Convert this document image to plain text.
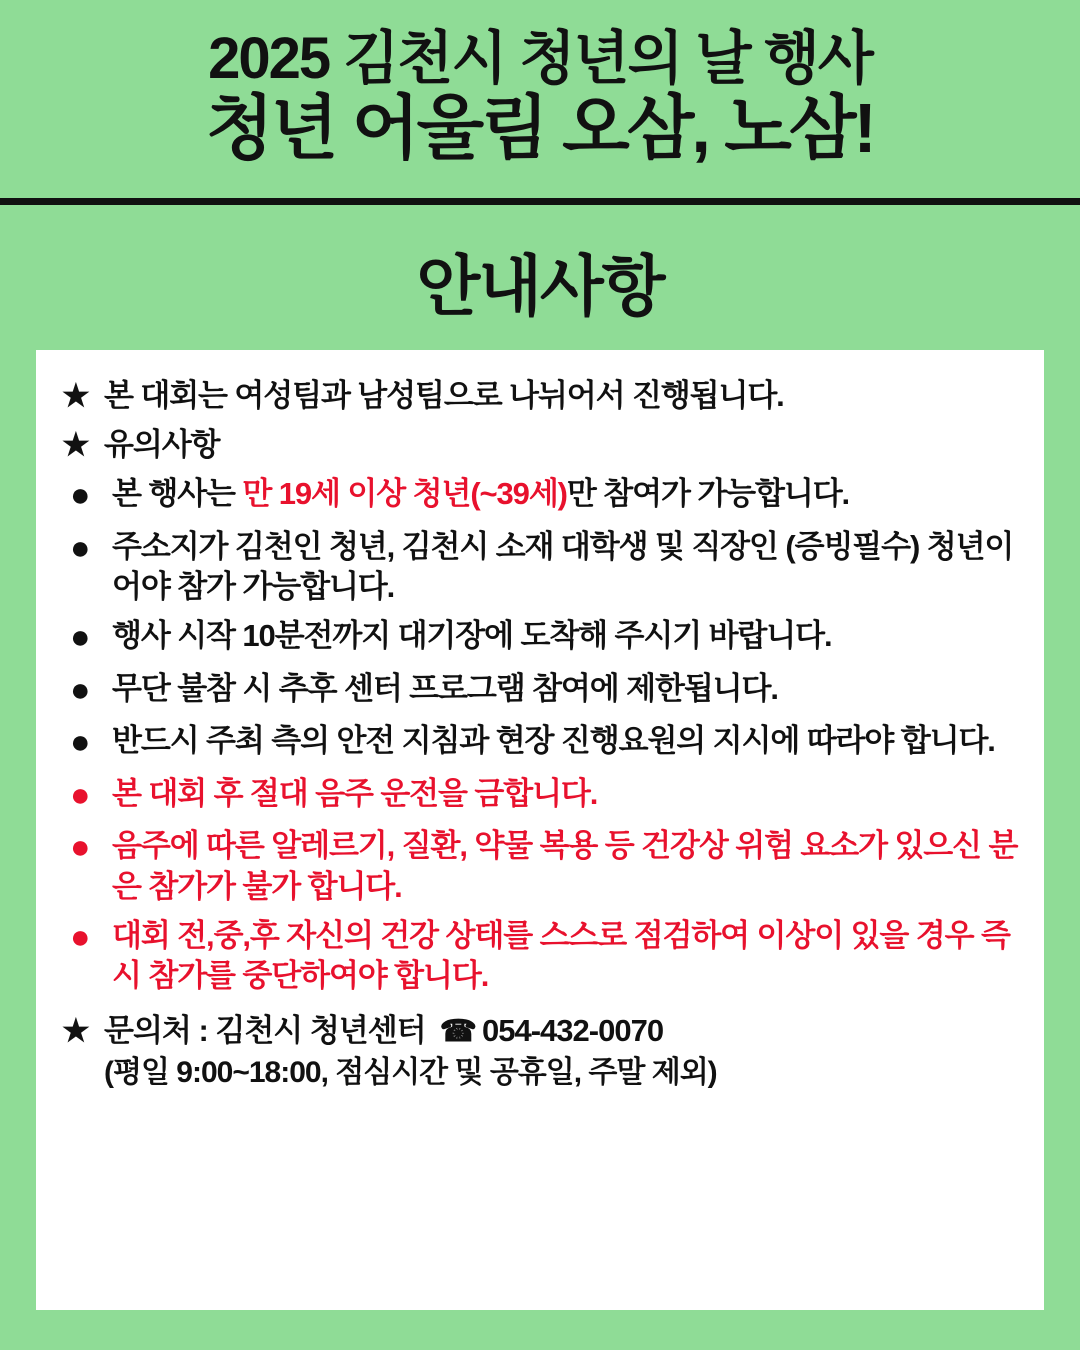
2025 김천시 청년의 날 행사
청년 어울림 오삼, 노삼!
안내사항
★ 본 대회는 여성팀과 남성팀으로 나뉘어서 진행됩니다.
★ 유의사항
● 본 행사는 만 19세 이상 청년(~39세)만 참여가 가능합니다.
● 주소지가 김천인 청년, 김천시 소재 대학생 및 직장인 (증빙필수) 청년이어야 참가 가능합니다.
● 행사 시작 10분전까지 대기장에 도착해 주시기 바랍니다.
● 무단 불참 시 추후 센터 프로그램 참여에 제한됩니다.
● 반드시 주최 측의 안전 지침과 현장 진행요원의 지시에 따라야 합니다.
● 본 대회 후 절대 음주 운전을 금합니다.
● 음주에 따른 알레르기, 질환, 약물 복용 등 건강상 위험 요소가 있으신 분은 참가가 불가 합니다.
● 대회 전,중,후 자신의 건강 상태를 스스로 점검하여 이상이 있을 경우 즉시 참가를 중단하여야 합니다.
★ 문의처 : 김천시 청년센터 ☎ 054-432-0070
(평일 9:00~18:00, 점심시간 및 공휴일, 주말 제외)
